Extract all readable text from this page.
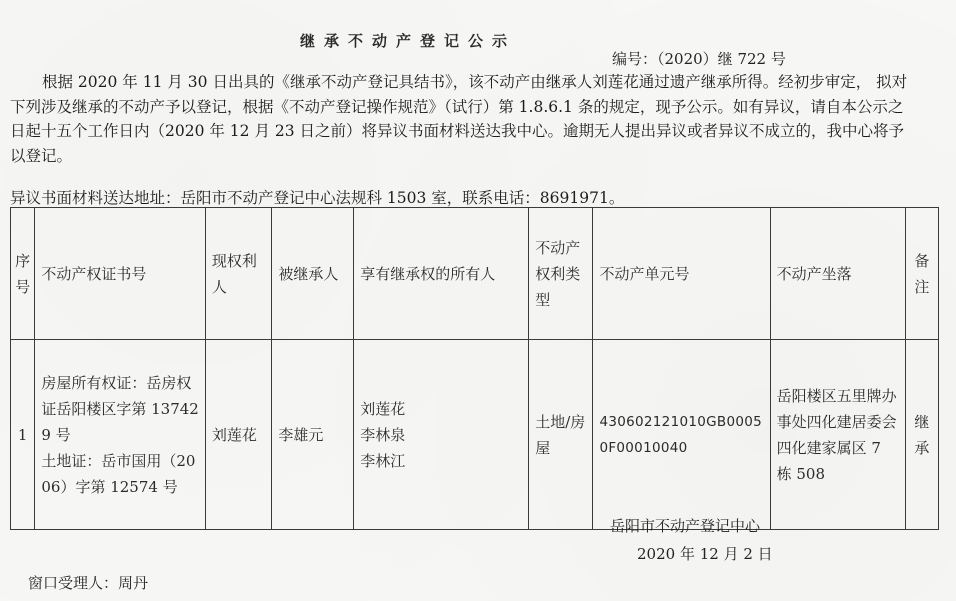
继承不动产登记公示
编号：（2020）继 722 号

根据 2020 年 11 月 30 日出具的《继承不动产登记具结书》，该不动产由继承人刘莲花通过遗产继承所得。经初步审定， 拟对下列涉及继承的不动产予以登记，根据《不动产登记操作规范》（试行）第 1.8.6.1 条的规定，现予公示。如有异议，请自本公示之日起十五个工作日内（2020 年 12 月 23 日之前）将异议书面材料送达我中心。逾期无人提出异议或者异议不成立的，我中心将予以登记。

异议书面材料送达地址：岳阳市不动产登记中心法规科 1503 室，联系电话：8691971。
序号	不动产权证书号	现权利人	被继承人	享有继承权的所有人	不动产权利类型	不动产单元号	不动产坐落	备注
1	房屋所有权证：岳房权证岳阳楼区字第 137429 号
土地证：岳市国用（2006）字第 12574 号	刘莲花	李雄元	刘莲花
李林泉
李林江	土地/房屋	430602121010GB00050F00010040	岳阳楼区五里牌办事处四化建居委会四化建家属区 7 栋 508	继承
岳阳市不动产登记中心
2020 年 12 月 2 日
窗口受理人：周丹
